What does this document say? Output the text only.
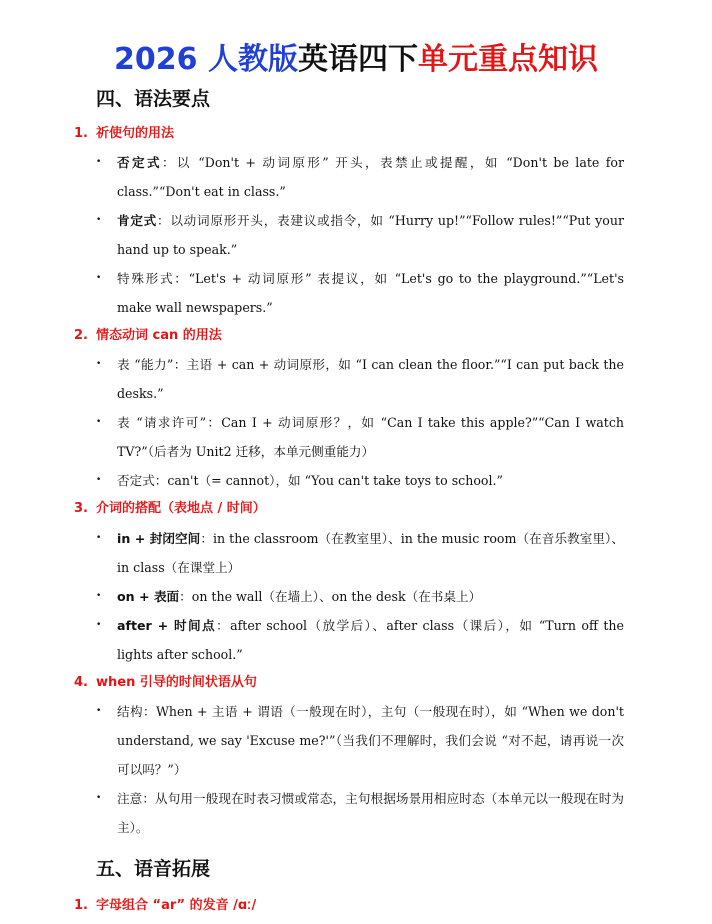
2026 人教版英语四下单元重点知识
四、语法要点
1. 祈使句的用法
•	否定式：以 “Don't + 动词原形” 开头，表禁止或提醒，如 “Don't be late for class.”“Don't eat in class.”
•	肯定式：以动词原形开头，表建议或指令，如 “Hurry up!”“Follow rules!”“Put your hand up to speak.”
•	特殊形式：“Let's + 动词原形” 表提议，如 “Let's go to the playground.”“Let's make wall newspapers.”
2. 情态动词 can 的用法
•	表 “能力”：主语 + can + 动词原形，如 “I can clean the floor.”“I can put back the desks.”
•	表 “请求许可”：Can I + 动词原形？，如 “Can I take this apple?”“Can I watch TV?”（后者为 Unit2 迁移，本单元侧重能力）
•	否定式：can't（= cannot），如 “You can't take toys to school.”
3. 介词的搭配（表地点 / 时间）
•	in + 封闭空间：in the classroom（在教室里）、in the music room（在音乐教室里）、in class（在课堂上）
•	on + 表面：on the wall（在墙上）、on the desk（在书桌上）
•	after + 时间点：after school（放学后）、after class（课后），如 “Turn off the lights after school.”
4. when 引导的时间状语从句
•	结构：When + 主语 + 谓语（一般现在时），主句（一般现在时），如 “When we don't understand, we say 'Excuse me?'”（当我们不理解时，我们会说 “对不起，请再说一次可以吗？”）
•	注意：从句用一般现在时表习惯或常态，主句根据场景用相应时态（本单元以一般现在时为主）。
五、语音拓展
1. 字母组合 “ar” 的发音 /ɑː/
